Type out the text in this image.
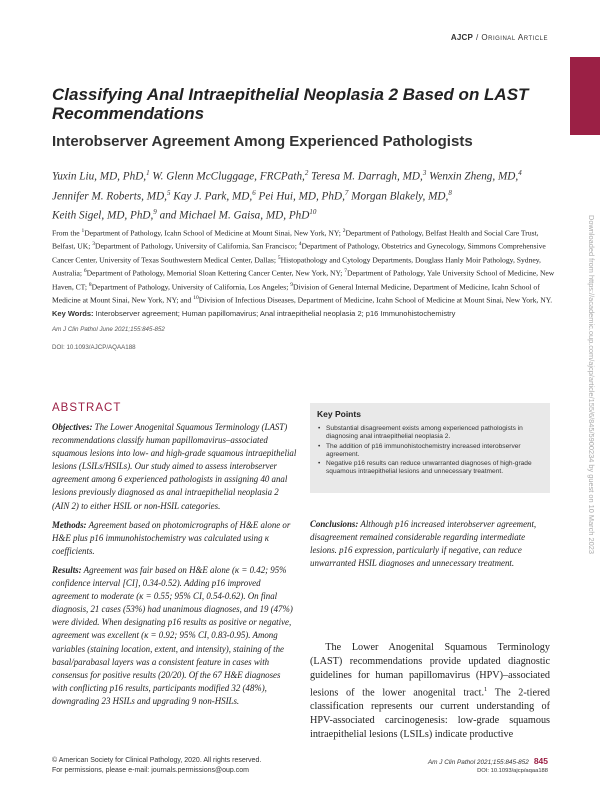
AJCP / Original Article
Downloaded from https://academic.oup.com/ajcp/article/155/6/845/5900234 by guest on 10 March 2023
Classifying Anal Intraepithelial Neoplasia 2 Based on LAST Recommendations
Interobserver Agreement Among Experienced Pathologists
Yuxin Liu, MD, PhD,$^1$ W. Glenn McCluggage, FRCPath,$^2$ Teresa M. Darragh, MD,$^3$ Wenxin Zheng, MD,$^4$
Jennifer M. Roberts, MD,$^5$ Kay J. Park, MD,$^6$ Pei Hui, MD, PhD,$^7$ Morgan Blakely, MD,$^8$
Keith Sigel, MD, PhD,$^9$ and Michael M. Gaisa, MD, PhD$^{10}$
From the $^1$Department of Pathology, Icahn School of Medicine at Mount Sinai, New York, NY; $^2$Department of Pathology, Belfast Health and Social Care Trust, Belfast, UK; $^3$Department of Pathology, University of California, San Francisco; $^4$Department of Pathology, Obstetrics and Gynecology, Simmons Comprehensive Cancer Center, University of Texas Southwestern Medical Center, Dallas; $^5$Histopathology and Cytology Departments, Douglass Hanly Moir Pathology, Sydney, Australia; $^6$Department of Pathology, Memorial Sloan Kettering Cancer Center, New York, NY; $^7$Department of Pathology, Yale University School of Medicine, New Haven, CT; $^8$Department of Pathology, University of California, Los Angeles; $^9$Division of General Internal Medicine, Department of Medicine, Icahn School of Medicine at Mount Sinai, New York, NY; and $^{10}$Division of Infectious Diseases, Department of Medicine, Icahn School of Medicine at Mount Sinai, New York, NY.
Key Words: Interobserver agreement; Human papillomavirus; Anal intraepithelial neoplasia 2; p16 Immunohistochemistry
Am J Clin Pathol June 2021;155:845-852
DOI: 10.1093/AJCP/AQAA188
ABSTRACT

Objectives: The Lower Anogenital Squamous Terminology (LAST) recommendations classify human papillomavirus–associated squamous lesions into low- and high-grade squamous intraepithelial lesions (LSILs/HSILs). Our study aimed to assess interobserver agreement among 6 experienced pathologists in assigning 40 anal lesions previously diagnosed as anal intraepithelial neoplasia 2 (AIN 2) to either HSIL or non-HSIL categories.

Methods: Agreement based on photomicrographs of H&E alone or H&E plus p16 immunohistochemistry was calculated using κ coefficients.

Results: Agreement was fair based on H&E alone (κ = 0.42; 95% confidence interval [CI], 0.34-0.52). Adding p16 improved agreement to moderate (κ = 0.55; 95% CI, 0.54-0.62). On final diagnosis, 21 cases (53%) had unanimous diagnoses, and 19 (47%) were divided. When designating p16 results as positive or negative, agreement was excellent (κ = 0.92; 95% CI, 0.83-0.95). Among variables (staining location, extent, and intensity), staining of the basal/parabasal layers was a consistent feature in cases with consensus for positive results (20/20). Of the 67 H&E diagnoses with conflicting p16 results, participants modified 32 (48%), downgrading 23 HSILs and upgrading 9 non-HSILs.

Key Points
• Substantial disagreement exists among experienced pathologists in diagnosing anal intraepithelial neoplasia 2.
• The addition of p16 immunohistochemistry increased interobserver agreement.
• Negative p16 results can reduce unwarranted diagnoses of high-grade squamous intraepithelial lesions and unnecessary treatment.
Conclusions: Although p16 increased interobserver agreement, disagreement remained considerable regarding intermediate lesions. p16 expression, particularly if negative, can reduce unwarranted HSIL diagnoses and unnecessary treatment.
  The Lower Anogenital Squamous Terminology (LAST) recommendations provide updated diagnostic guidelines for human papillomavirus (HPV)–associated lesions of the lower anogenital tract.$^1$ The 2-tiered classification represents our current understanding of HPV-associated carcinogenesis: low-grade squamous intraepithelial lesions (LSILs) indicate productive
© American Society for Clinical Pathology, 2020. All rights reserved.
For permissions, please e-mail: journals.permissions@oup.com
Am J Clin Pathol 2021;155:845-852 845
DOI: 10.1093/ajcp/aqaa188
